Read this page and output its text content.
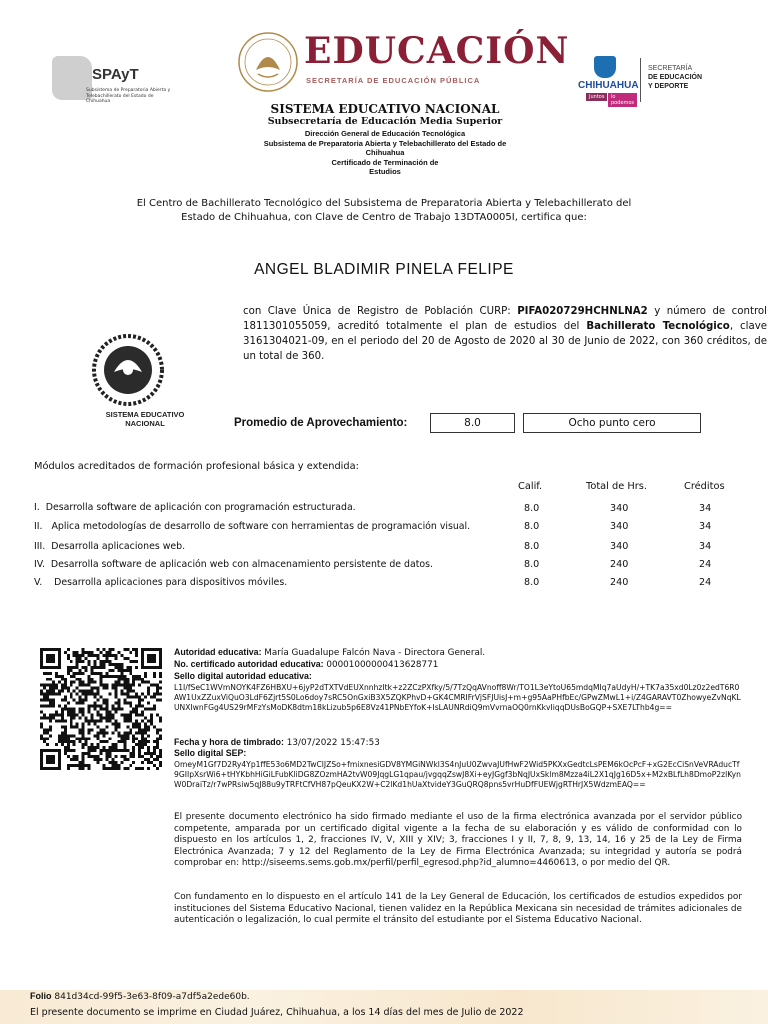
SPAyT
Subsistema de Preparatoria Abierta y Telebachillerato del Estado de Chihuahua
EDUCACIÓN
SECRETARÍA DE EDUCACIÓN PÚBLICA	CHIHUAHUA
Juntos	lo podemos
SECRETARÍA
DE EDUCACIÓN
Y DEPORTE
SISTEMA EDUCATIVO NACIONAL
Subsecretaría de Educación Media Superior
Dirección General de Educación Tecnológica
Subsistema de Preparatoria Abierta y Telebachillerato del Estado de Chihuahua
Certificado de Terminación de Estudios
El Centro de Bachillerato Tecnológico del Subsistema de Preparatoria Abierta y Telebachillerato del Estado de Chihuahua, con Clave de Centro de Trabajo 13DTA0005I, certifica que:
ANGEL BLADIMIR PINELA FELIPE
SISTEMA EDUCATIVO NACIONAL
con Clave Única de Registro de Población CURP: PIFA020729HCHNLNA2 y número de control 1811301055059, acreditó totalmente el plan de estudios del Bachillerato Tecnológico, clave 3161304021-09, en el periodo del 20 de Agosto de 2020 al 30 de Junio de 2022, con 360 créditos, de un total de 360.
Promedio de Aprovechamiento:	8.0	Ocho punto cero
Módulos acreditados de formación profesional básica y extendida:
Calif.	Total de Hrs.	Créditos
I. Desarrolla software de aplicación con programación estructurada.	8.0	340	34
II. Aplica metodologías de desarrollo de software con herramientas de programación visual.	8.0	340	34
III. Desarrolla aplicaciones web.	8.0	340	34
IV. Desarrolla software de aplicación web con almacenamiento persistente de datos.	8.0	240	24
V. Desarrolla aplicaciones para dispositivos móviles.	8.0	240	24
Autoridad educativa: María Guadalupe Falcón Nava - Directora General.
No. certificado autoridad educativa: 00001000000413628771
Sello digital autoridad educativa:
L1I/fSeC1WVmNOYK4FZ6HBXU+6jyP2dTXTVdEUXnnhzItk+z2ZCzPXfky/5/7TzQqAVnoff8Wr/TO1L3eYtoU65mdqMIq7aUdyH/+TK7a35xd0Lz0z2edT6R0AW1UxZZuxViQuO3LdF6Zjrt5S0Lo6doy7sRC5OnGxiB3X5ZQKPhvD+GK4CMRIFrVjSFJUisJ+m+g95AaPHfbEc/GPwZMwL1+i/Z4GARAVT0ZhowyeZvNqKLUNXIwnFGg4US29rMFzYsMoDK8dtm18kLizub5p6E8Vz41PNbEYfoK+IsLAUNRdiQ9mVvrnaOQ0rnKkvIiqqDUsBoGQP+SXE7LThb4g==
Fecha y hora de timbrado: 13/07/2022 15:47:53
Sello digital SEP:
OmeyM1Gf7D2Ry4Yp1ffE53o6MD2TwClJZSo+fmixnesiGDV8YMGiNWkl3S4nJuU0ZwvaJUfHwF2Wid5PKXxGedtcLsPEM6kOcPcF+xG2EcCiSnVeVRAducTf9GIIpXsrWi6+tHYKbhHiGiLFubKliDG8ZOzmHA2tvW09JqgLG1qpau/jvgqqZswJ8Xi+eyJGgf3bNqJUxSklm8Mzza4iL2X1qJg16D5x+M2xBLfLh8DmoP2zlKynW0DraiTz/r7wPRsiw5qJ88u9yTRFtCfVH87pQeuKX2W+C2lKd1hUaXtvideY3GuQRQ8pns5vrHuDfFUEWjgRTHrJX5WdzmEAQ==
El presente documento electrónico ha sido firmado mediante el uso de la firma electrónica avanzada por el servidor público competente, amparada por un certificado digital vigente a la fecha de su elaboración y es válido de conformidad con lo dispuesto en los artículos 1, 2, fracciones IV, V, XIII y XIV; 3, fracciones I y II, 7, 8, 9, 13, 14, 16 y 25 de la Ley de Firma Electrónica Avanzada; 7 y 12 del Reglamento de la Ley de Firma Electrónica Avanzada; su integridad y autoría se podrá comprobar en: http://siseems.sems.gob.mx/perfil/perfil_egresod.php?id_alumno=4460613, o por medio del QR.
Con fundamento en lo dispuesto en el artículo 141 de la Ley General de Educación, los certificados de estudios expedidos por instituciones del Sistema Educativo Nacional, tienen validez en la República Mexicana sin necesidad de trámites adicionales de autenticación o legalización, lo cual permite el tránsito del estudiante por el Sistema Educativo Nacional.
Folio 841d34cd-99f5-3e63-8f09-a7df5a2ede60b.
El presente documento se imprime en Ciudad Juárez, Chihuahua, a los 14 días del mes de Julio de 2022
